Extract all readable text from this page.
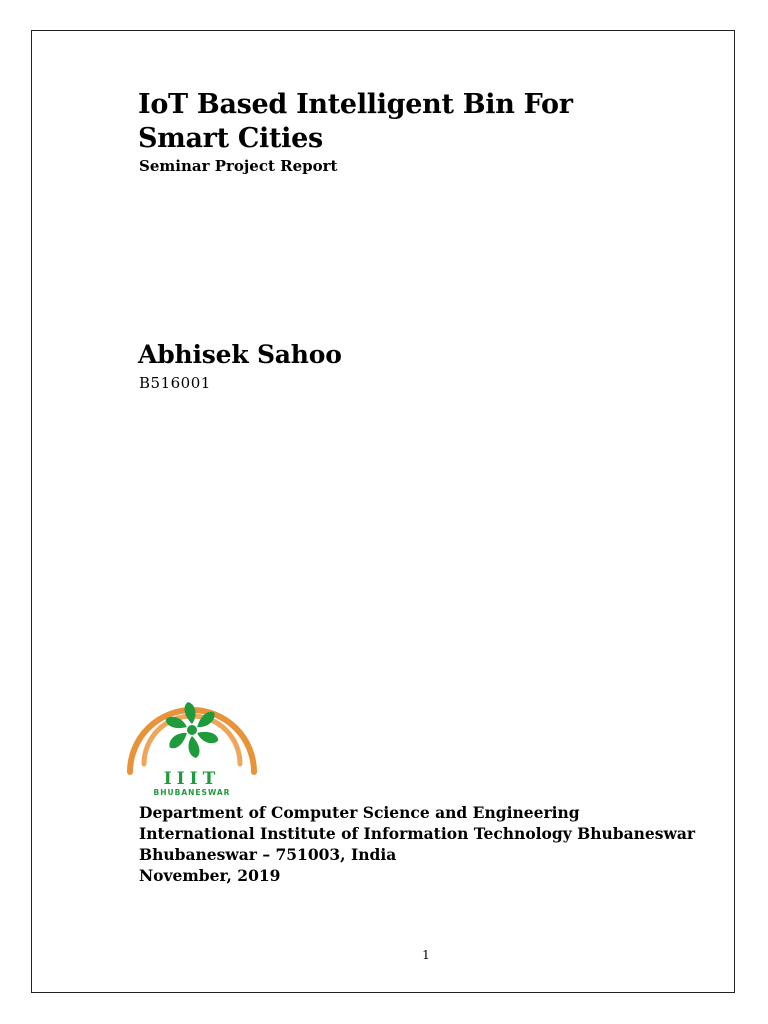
IoT Based Intelligent Bin For
Smart Cities
Seminar Project Report
Abhisek Sahoo
B516001
IIIT
BHUBANESWAR
Department of Computer Science and Engineering
International Institute of Information Technology Bhubaneswar
Bhubaneswar – 751003, India
November, 2019
1
